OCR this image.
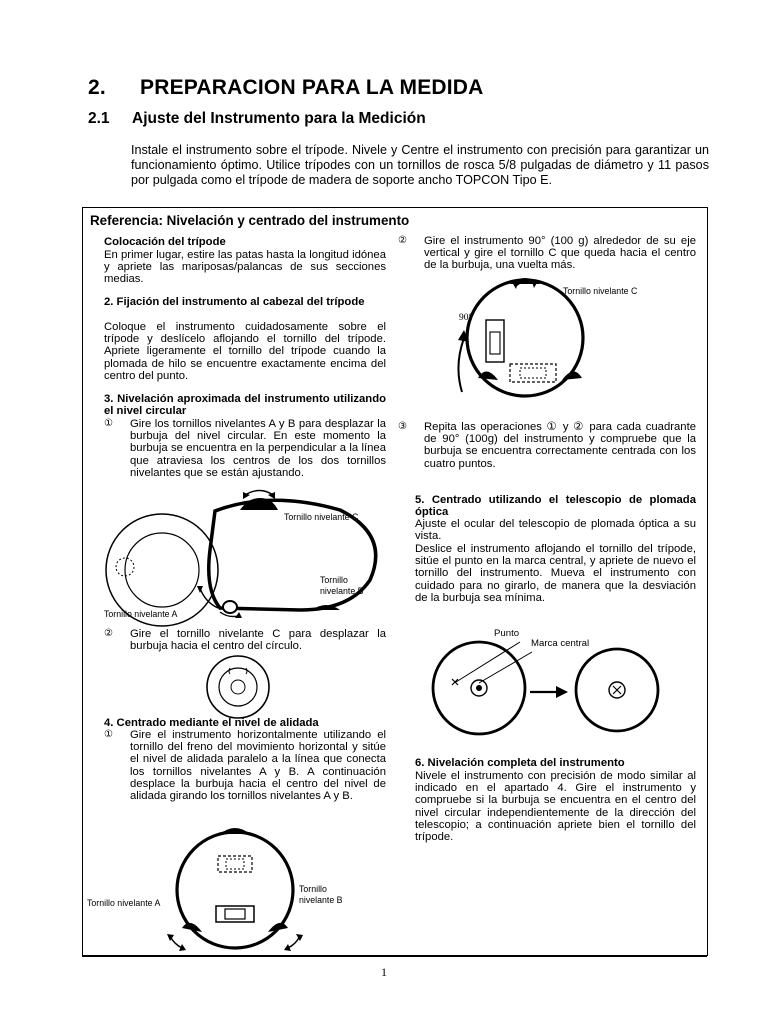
2. PREPARACION PARA LA MEDIDA
2.1 Ajuste del Instrumento para la Medición
Instale el instrumento sobre el trípode. Nivele y Centre el instrumento con precisión para garantizar un funcionamiento óptimo. Utilice trípodes con un tornillos de rosca 5/8 pulgadas de diámetro y 11 pasos por pulgada como el trípode de madera de soporte ancho TOPCON Tipo E.
Referencia: Nivelación y centrado del instrumento
Colocación del trípode
En primer lugar, estire las patas hasta la longitud idónea y apriete las mariposas/palancas de sus secciones medias.
2. Fijación del instrumento al cabezal del trípode
Coloque el instrumento cuidadosamente sobre el trípode y deslícelo aflojando el tornillo del trípode. Apriete ligeramente el tornillo del trípode cuando la plomada de hilo se encuentre exactamente encima del centro del punto.
3. Nivelación aproximada del instrumento utilizando el nivel circular
①	Gire los tornillos nivelantes A y B para desplazar la burbuja del nivel circular. En este momento la burbuja se encuentra en la perpendicular a la línea que atraviesa los centros de los dos tornillos nivelantes que se están ajustando.
Tornillo nivelante C
Tornillo
nivelante B
Tornillo nivelante A
②	Gire el tornillo nivelante C para desplazar la burbuja hacia el centro del círculo.
4. Centrado mediante el nivel de alidada
①	Gire el instrumento horizontalmente utilizando el tornillo del freno del movimiento horizontal y sitúe el nivel de alidada paralelo a la línea que conecta los tornillos nivelantes A y B. A continuación desplace la burbuja hacia el centro del nivel de alidada girando los tornillos nivelantes A y B.
Tornillo nivelante A
Tornillo
nivelante B
②	Gire el instrumento 90° (100 g) alrededor de su eje vertical y gire el tornillo C que queda hacia el centro de la burbuja, una vuelta más.
Tornillo nivelante C
90°
③	Repita las operaciones ① y ② para cada cuadrante de 90° (100g) del instrumento y compruebe que la burbuja se encuentra correctamente centrada con los cuatro puntos.
5. Centrado utilizando el telescopio de plomada óptica
Ajuste el ocular del telescopio de plomada óptica a su vista.
Deslice el instrumento aflojando el tornillo del trípode, sitúe el punto en la marca central, y apriete de nuevo el tornillo del instrumento. Mueva el instrumento con cuidado para no girarlo, de manera que la desviación de la burbuja sea mínima.
Punto
Marca central
6. Nivelación completa del instrumento
Nivele el instrumento con precisión de modo similar al indicado en el apartado 4. Gire el instrumento y compruebe si la burbuja se encuentra en el centro del nivel circular independientemente de la dirección del telescopio; a continuación apriete bien el tornillo del trípode.
1
